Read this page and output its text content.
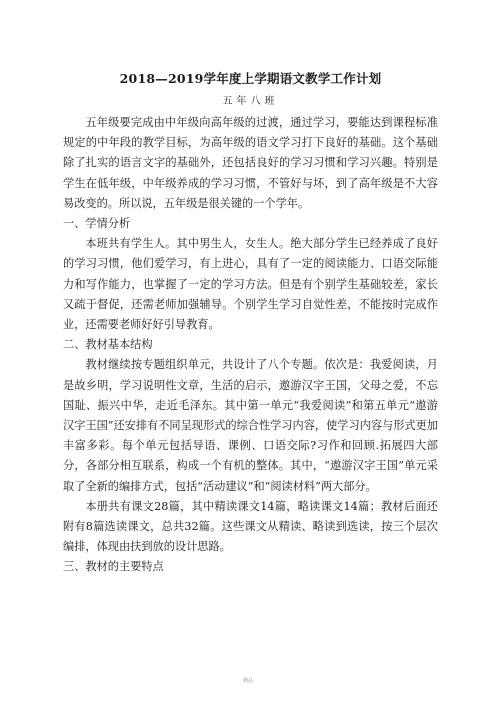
2018—2019学年度上学期语文教学工作计划
五年八班

五年级要完成由中年级向高年级的过渡，通过学习，要能达到课程标准规定的中年段的教学目标，为高年级的语文学习打下良好的基础。这个基础除了扎实的语言文字的基础外，还包括良好的学习习惯和学习兴趣。特别是学生在低年级，中年级养成的学习习惯，不管好与坏，到了高年级是不大容易改变的。所以说，五年级是很关键的一个学年。

一、学情分析

本班共有学生人。其中男生人，女生人。绝大部分学生已经养成了良好的学习习惯，他们爱学习，有上进心，具有了一定的阅读能力、口语交际能力和写作能力，也掌握了一定的学习方法。但是有个别学生基础较差，家长又疏于督促，还需老师加强辅导。个别学生学习自觉性差，不能按时完成作业，还需要老师好好引导教育。

二、教材基本结构

教材继续按专题组织单元，共设计了八个专题。依次是：我爱阅读，月是故乡明，学习说明性文章，生活的启示，遨游汉字王国，父母之爱，不忘国耻、振兴中华，走近毛泽东。其中第一单元“我爱阅读”和第五单元“遨游汉字王国”还安排有不同呈现形式的综合性学习内容，使学习内容与形式更加丰富多彩。每个单元包括导语、课例、口语交际?习作和回顾.拓展四大部分，各部分相互联系，构成一个有机的整体。其中，“遨游汉字王国”单元采取了全新的编排方式，包括“活动建议”和“阅读材料”两大部分。

本册共有课文28篇，其中精读课文14篇，略读课文14篇；教材后面还附有8篇选读课文，总共32篇。这些课文从精读、略读到选读，按三个层次编排，体现由扶到放的设计思路。

三、教材的主要特点
精品
